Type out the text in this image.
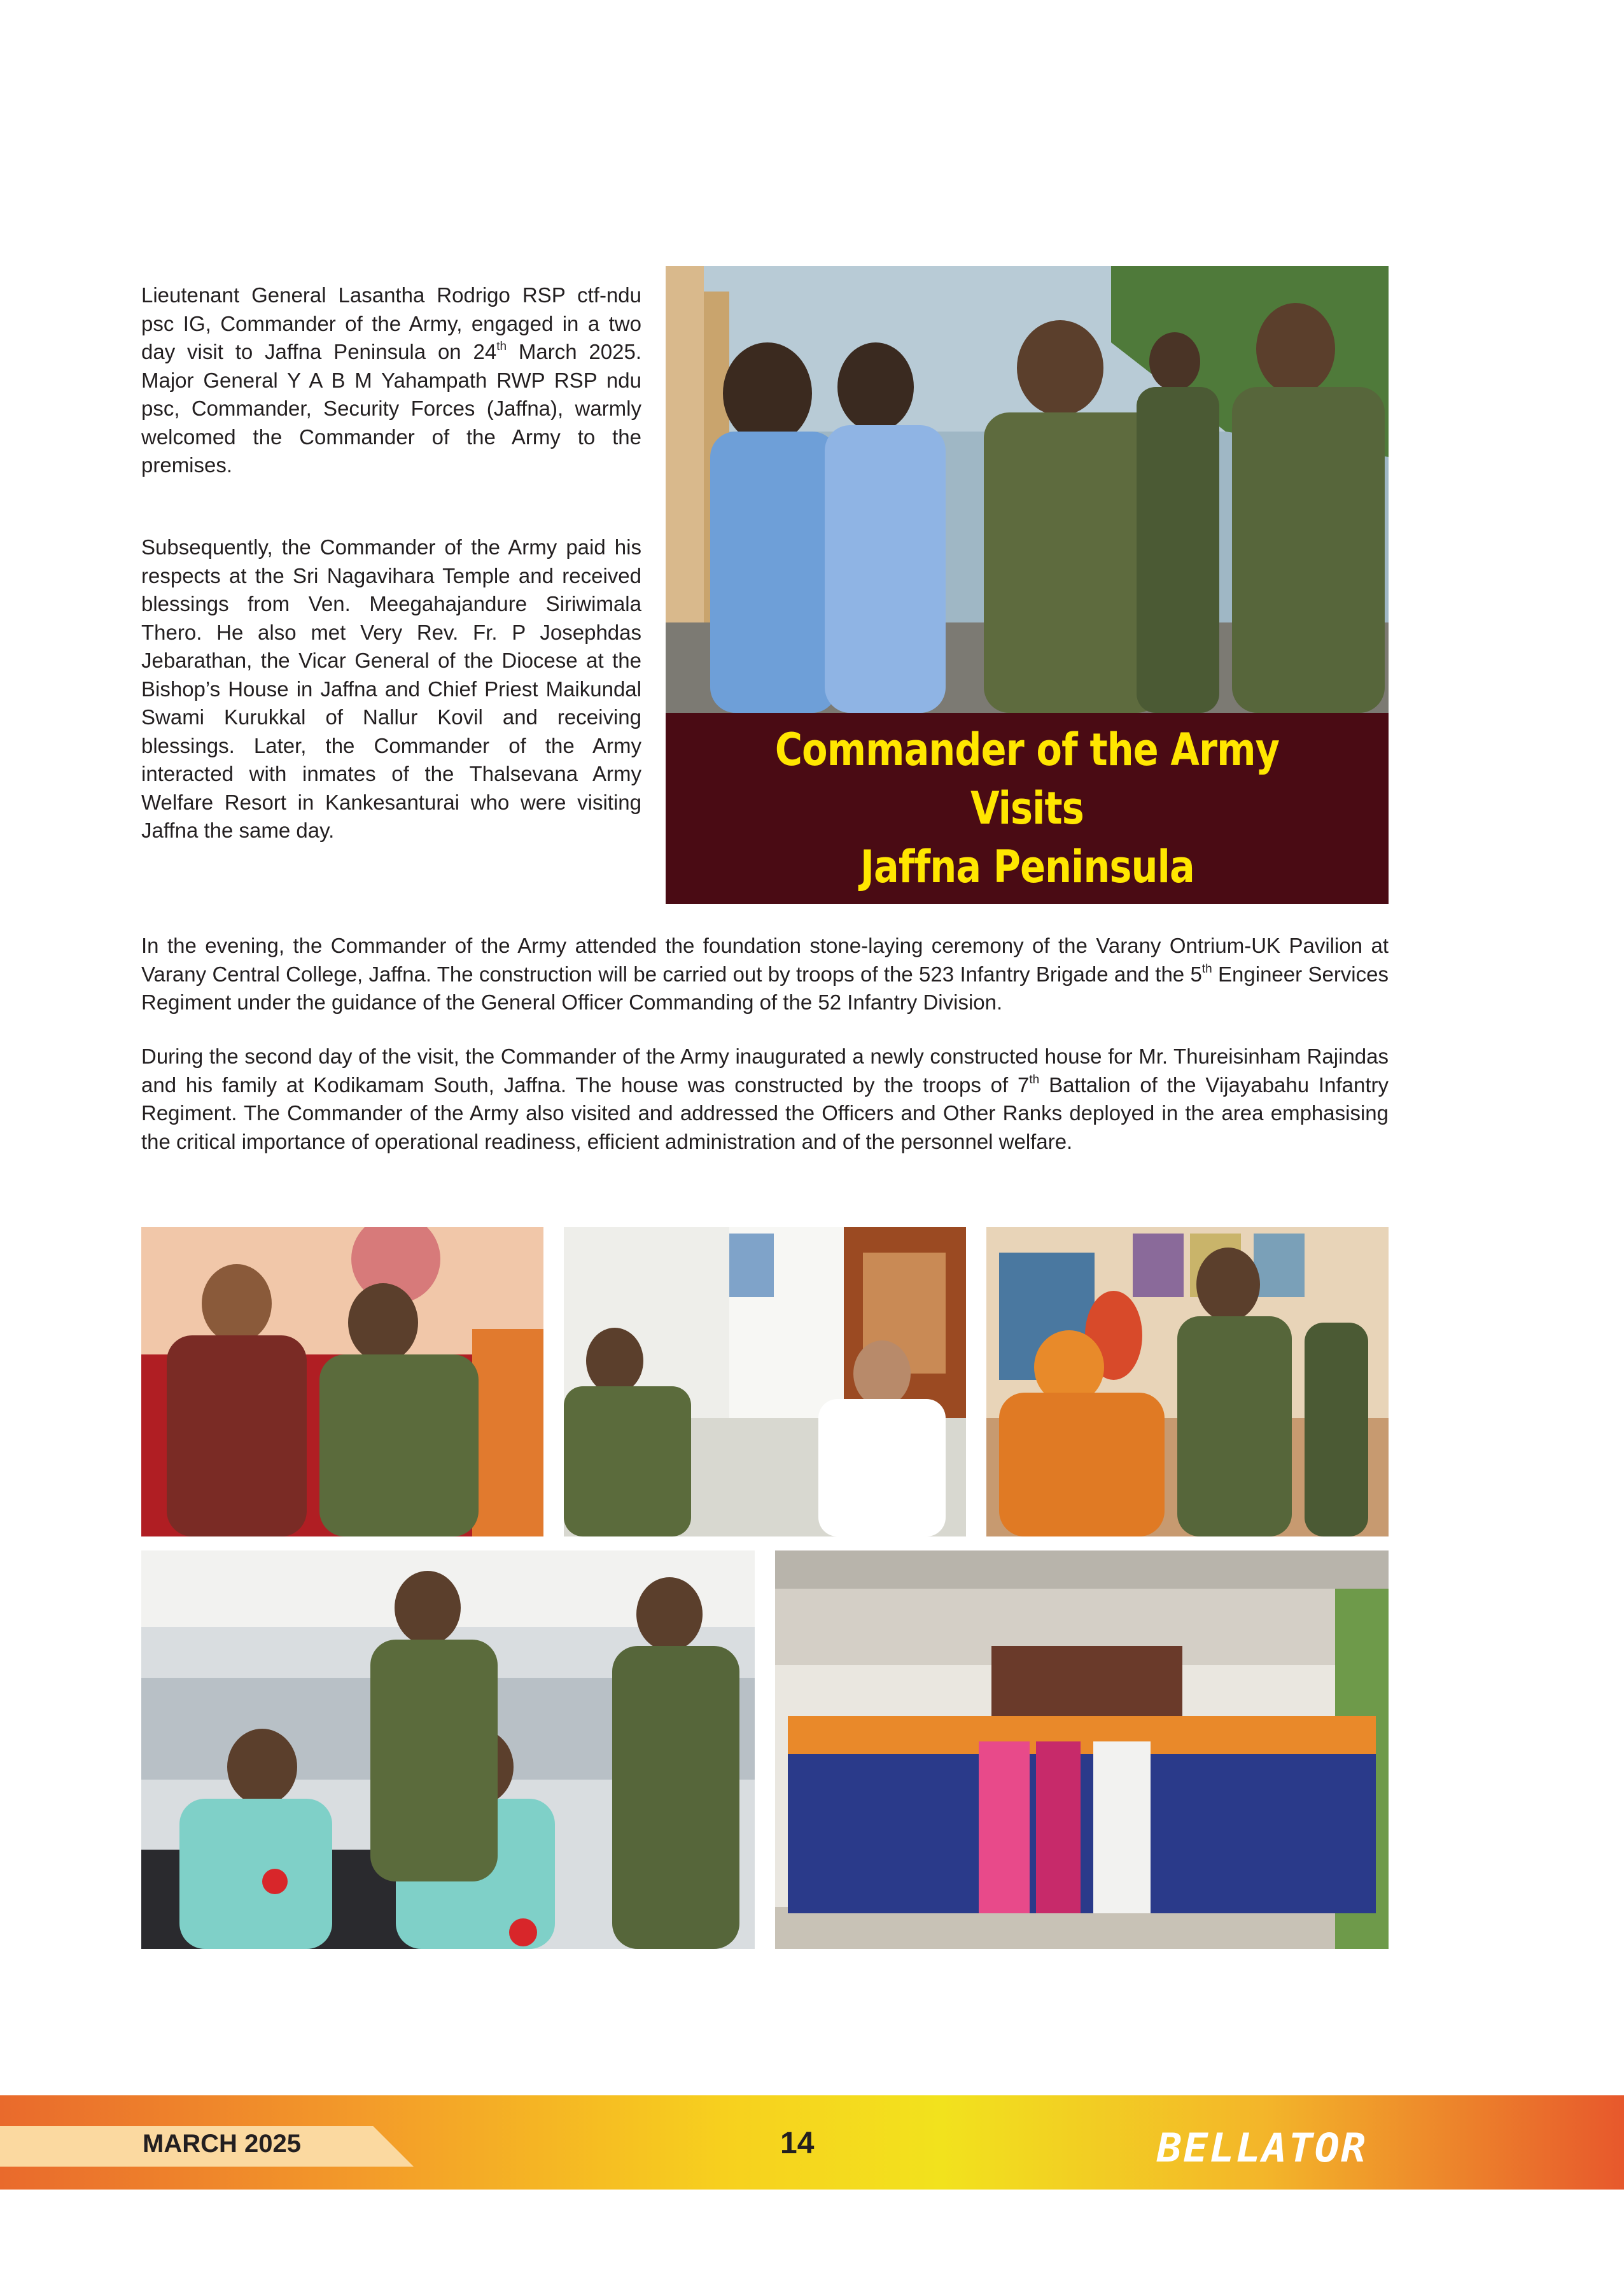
Lieutenant General Lasantha Rodrigo RSP ctf-ndu psc IG, Commander of the Army, engaged in a two day visit to Jaffna Peninsula on 24th March 2025. Major General Y A B M Yahampath RWP RSP ndu psc, Commander, Security Forces (Jaffna), warmly welcomed the Commander of the Army to the premises.
Subsequently, the Commander of the Army paid his respects at the Sri Nagavihara Temple and received blessings from Ven. Meegahajandure Siriwimala Thero. He also met Very Rev. Fr. P Josephdas Jebarathan, the Vicar General of the Diocese at the Bishop’s House in Jaffna and Chief Priest Maikundal Swami Kurukkal of Nallur Kovil and receiving blessings. Later, the Commander of the Army interacted with inmates of the Thalsevana Army Welfare Resort in Kankesanturai who were visiting Jaffna the same day.
Commander of the Army Visits
Jaffna Peninsula
In the evening, the Commander of the Army attended the foundation stone-laying ceremony of the Varany Ontrium-UK Pavilion at Varany Central College, Jaffna. The construction will be carried out by troops of the 523 Infantry Brigade and the 5th Engineer Services Regiment under the guidance of the General Officer Commanding of the 52 Infantry Division.
During the second day of the visit, the Commander of the Army inaugurated a newly constructed house for Mr. Thureisinham Rajindas and his family at Kodikamam South, Jaffna. The house was constructed by the troops of 7th Battalion of the Vijayabahu Infantry Regiment. The Commander of the Army also visited and addressed the Officers and Other Ranks deployed in the area emphasising the critical importance of operational readiness, efficient administration and of the personnel welfare.
MARCH 2025	14	BELLATOR
